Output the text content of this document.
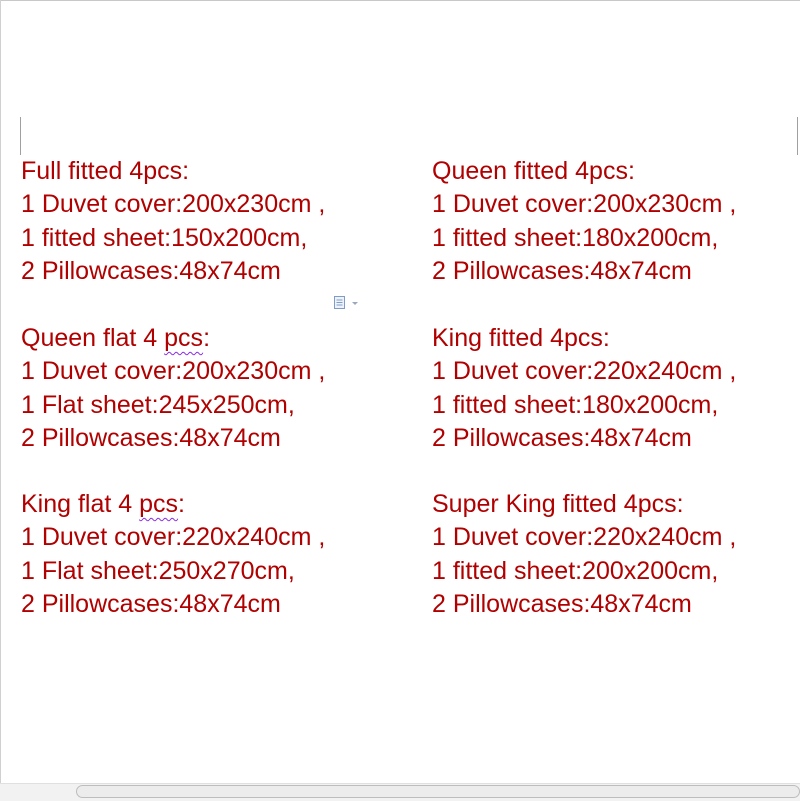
Full fitted 4pcs:
1 Duvet cover:200x230cm ,
1 fitted sheet:150x200cm,
2 Pillowcases:48x74cm
Queen fitted 4pcs:
1 Duvet cover:200x230cm ,
1 fitted sheet:180x200cm,
2 Pillowcases:48x74cm
Queen flat 4 pcs:
1 Duvet cover:200x230cm ,
1 Flat sheet:245x250cm,
2 Pillowcases:48x74cm
King fitted 4pcs:
1 Duvet cover:220x240cm ,
1 fitted sheet:180x200cm,
2 Pillowcases:48x74cm
King flat 4 pcs:
1 Duvet cover:220x240cm ,
1 Flat sheet:250x270cm,
2 Pillowcases:48x74cm
Super King fitted 4pcs:
1 Duvet cover:220x240cm ,
1 fitted sheet:200x200cm,
2 Pillowcases:48x74cm
